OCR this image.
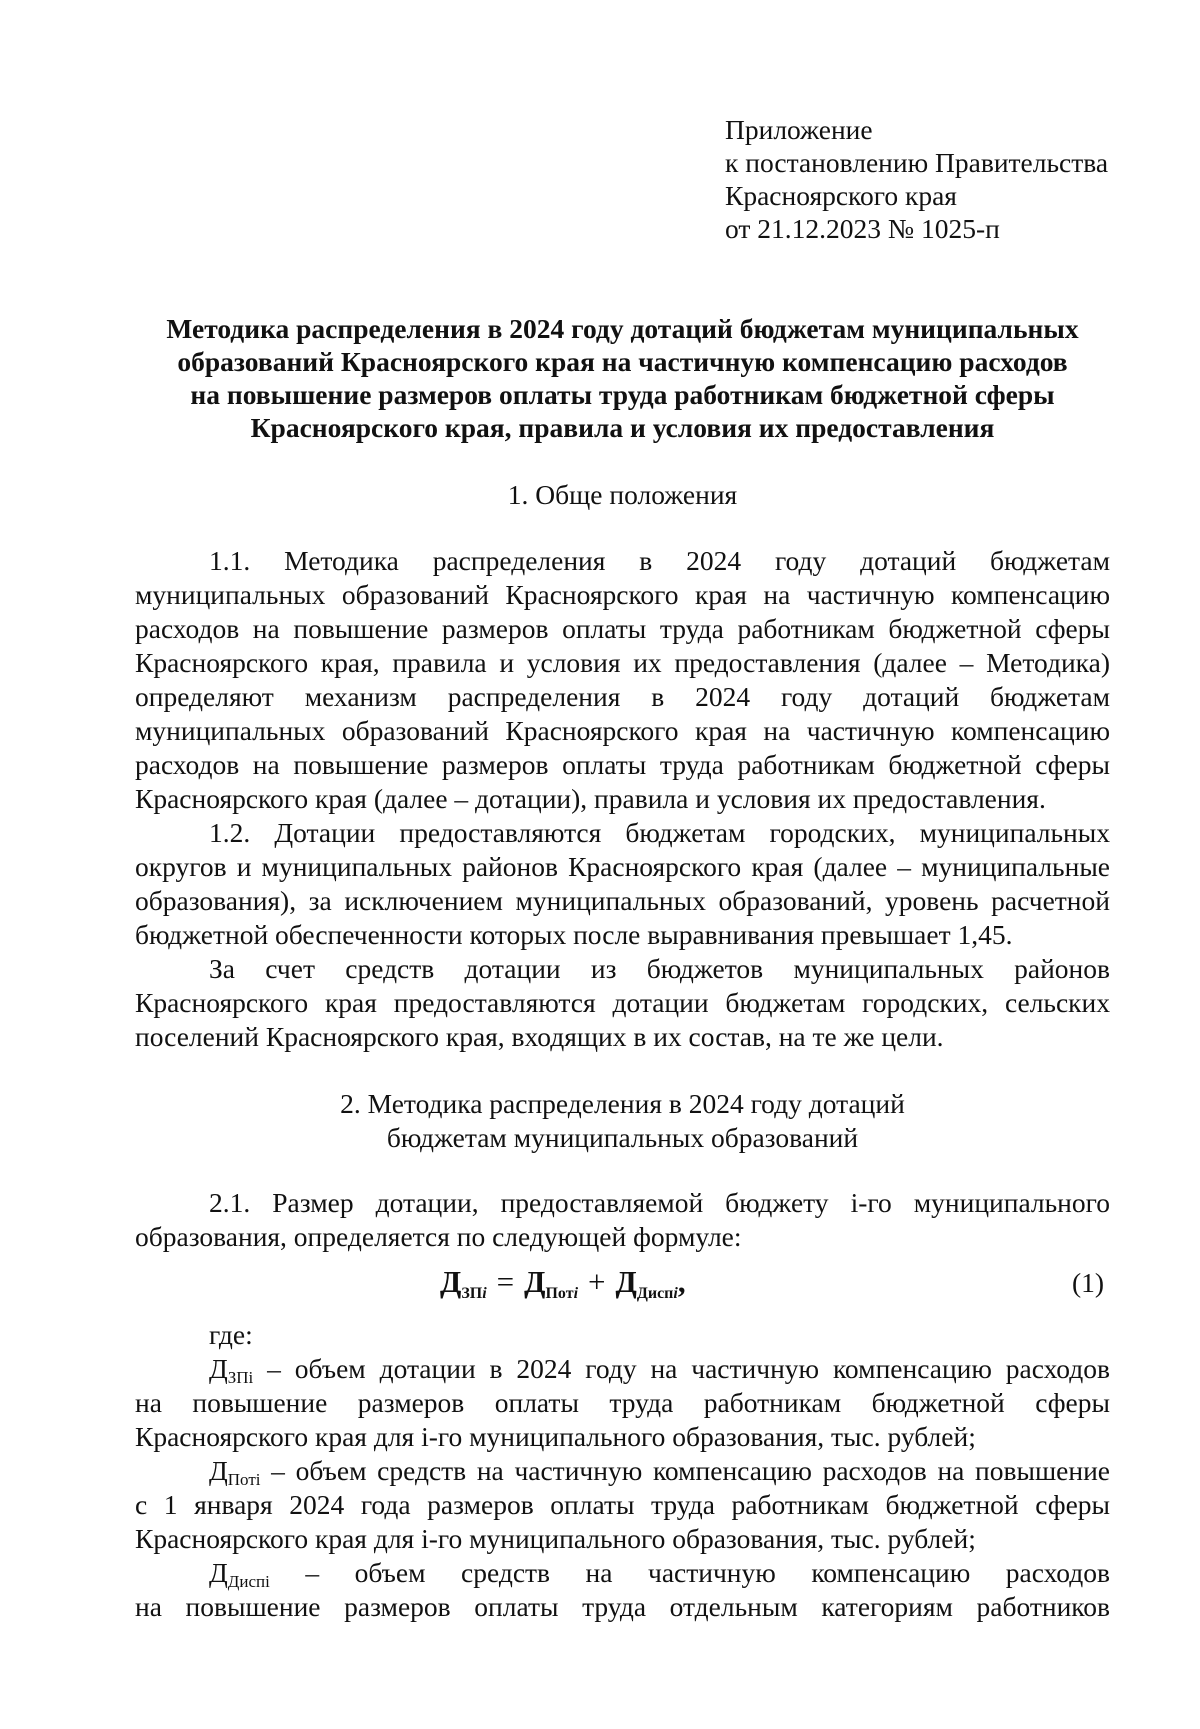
Приложение
к постановлению Правительства
Красноярского края
от 21.12.2023 № 1025-п
Методика распределения в 2024 году дотаций бюджетам муниципальных
образований Красноярского края на частичную компенсацию расходов
на повышение размеров оплаты труда работникам бюджетной сферы
Красноярского края, правила и условия их предоставления
1. Обще положения
1.1. Методика распределения в 2024 году дотаций бюджетам
муниципальных образований Красноярского края на частичную компенсацию
расходов на повышение размеров оплаты труда работникам бюджетной сферы
Красноярского края, правила и условия их предоставления (далее – Методика)
определяют механизм распределения в 2024 году дотаций бюджетам
муниципальных образований Красноярского края на частичную компенсацию
расходов на повышение размеров оплаты труда работникам бюджетной сферы
Красноярского края (далее – дотации), правила и условия их предоставления.
1.2. Дотации предоставляются бюджетам городских, муниципальных
округов и муниципальных районов Красноярского края (далее – муниципальные
образования), за исключением муниципальных образований, уровень расчетной
бюджетной обеспеченности которых после выравнивания превышает 1,45.
За счет средств дотации из бюджетов муниципальных районов
Красноярского края предоставляются дотации бюджетам городских, сельских
поселений Красноярского края, входящих в их состав, на те же цели.
2. Методика распределения в 2024 году дотаций
бюджетам муниципальных образований
2.1. Размер дотации, предоставляемой бюджету i-го муниципального
образования, определяется по следующей формуле:
$Д_{ЗПi} = Д_{Потi} + Д_{Диспi}$,	(1)
где:
$Д_{ЗПi}$ – объем дотации в 2024 году на частичную компенсацию расходов
на повышение размеров оплаты труда работникам бюджетной сферы
Красноярского края для i-го муниципального образования, тыс. рублей;
$Д_{Потi}$ – объем средств на частичную компенсацию расходов на повышение
с 1 января 2024 года размеров оплаты труда работникам бюджетной сферы
Красноярского края для i-го муниципального образования, тыс. рублей;
$Д_{Диспi}$ – объем средств на частичную компенсацию расходов
на повышение размеров оплаты труда отдельным категориям работников
